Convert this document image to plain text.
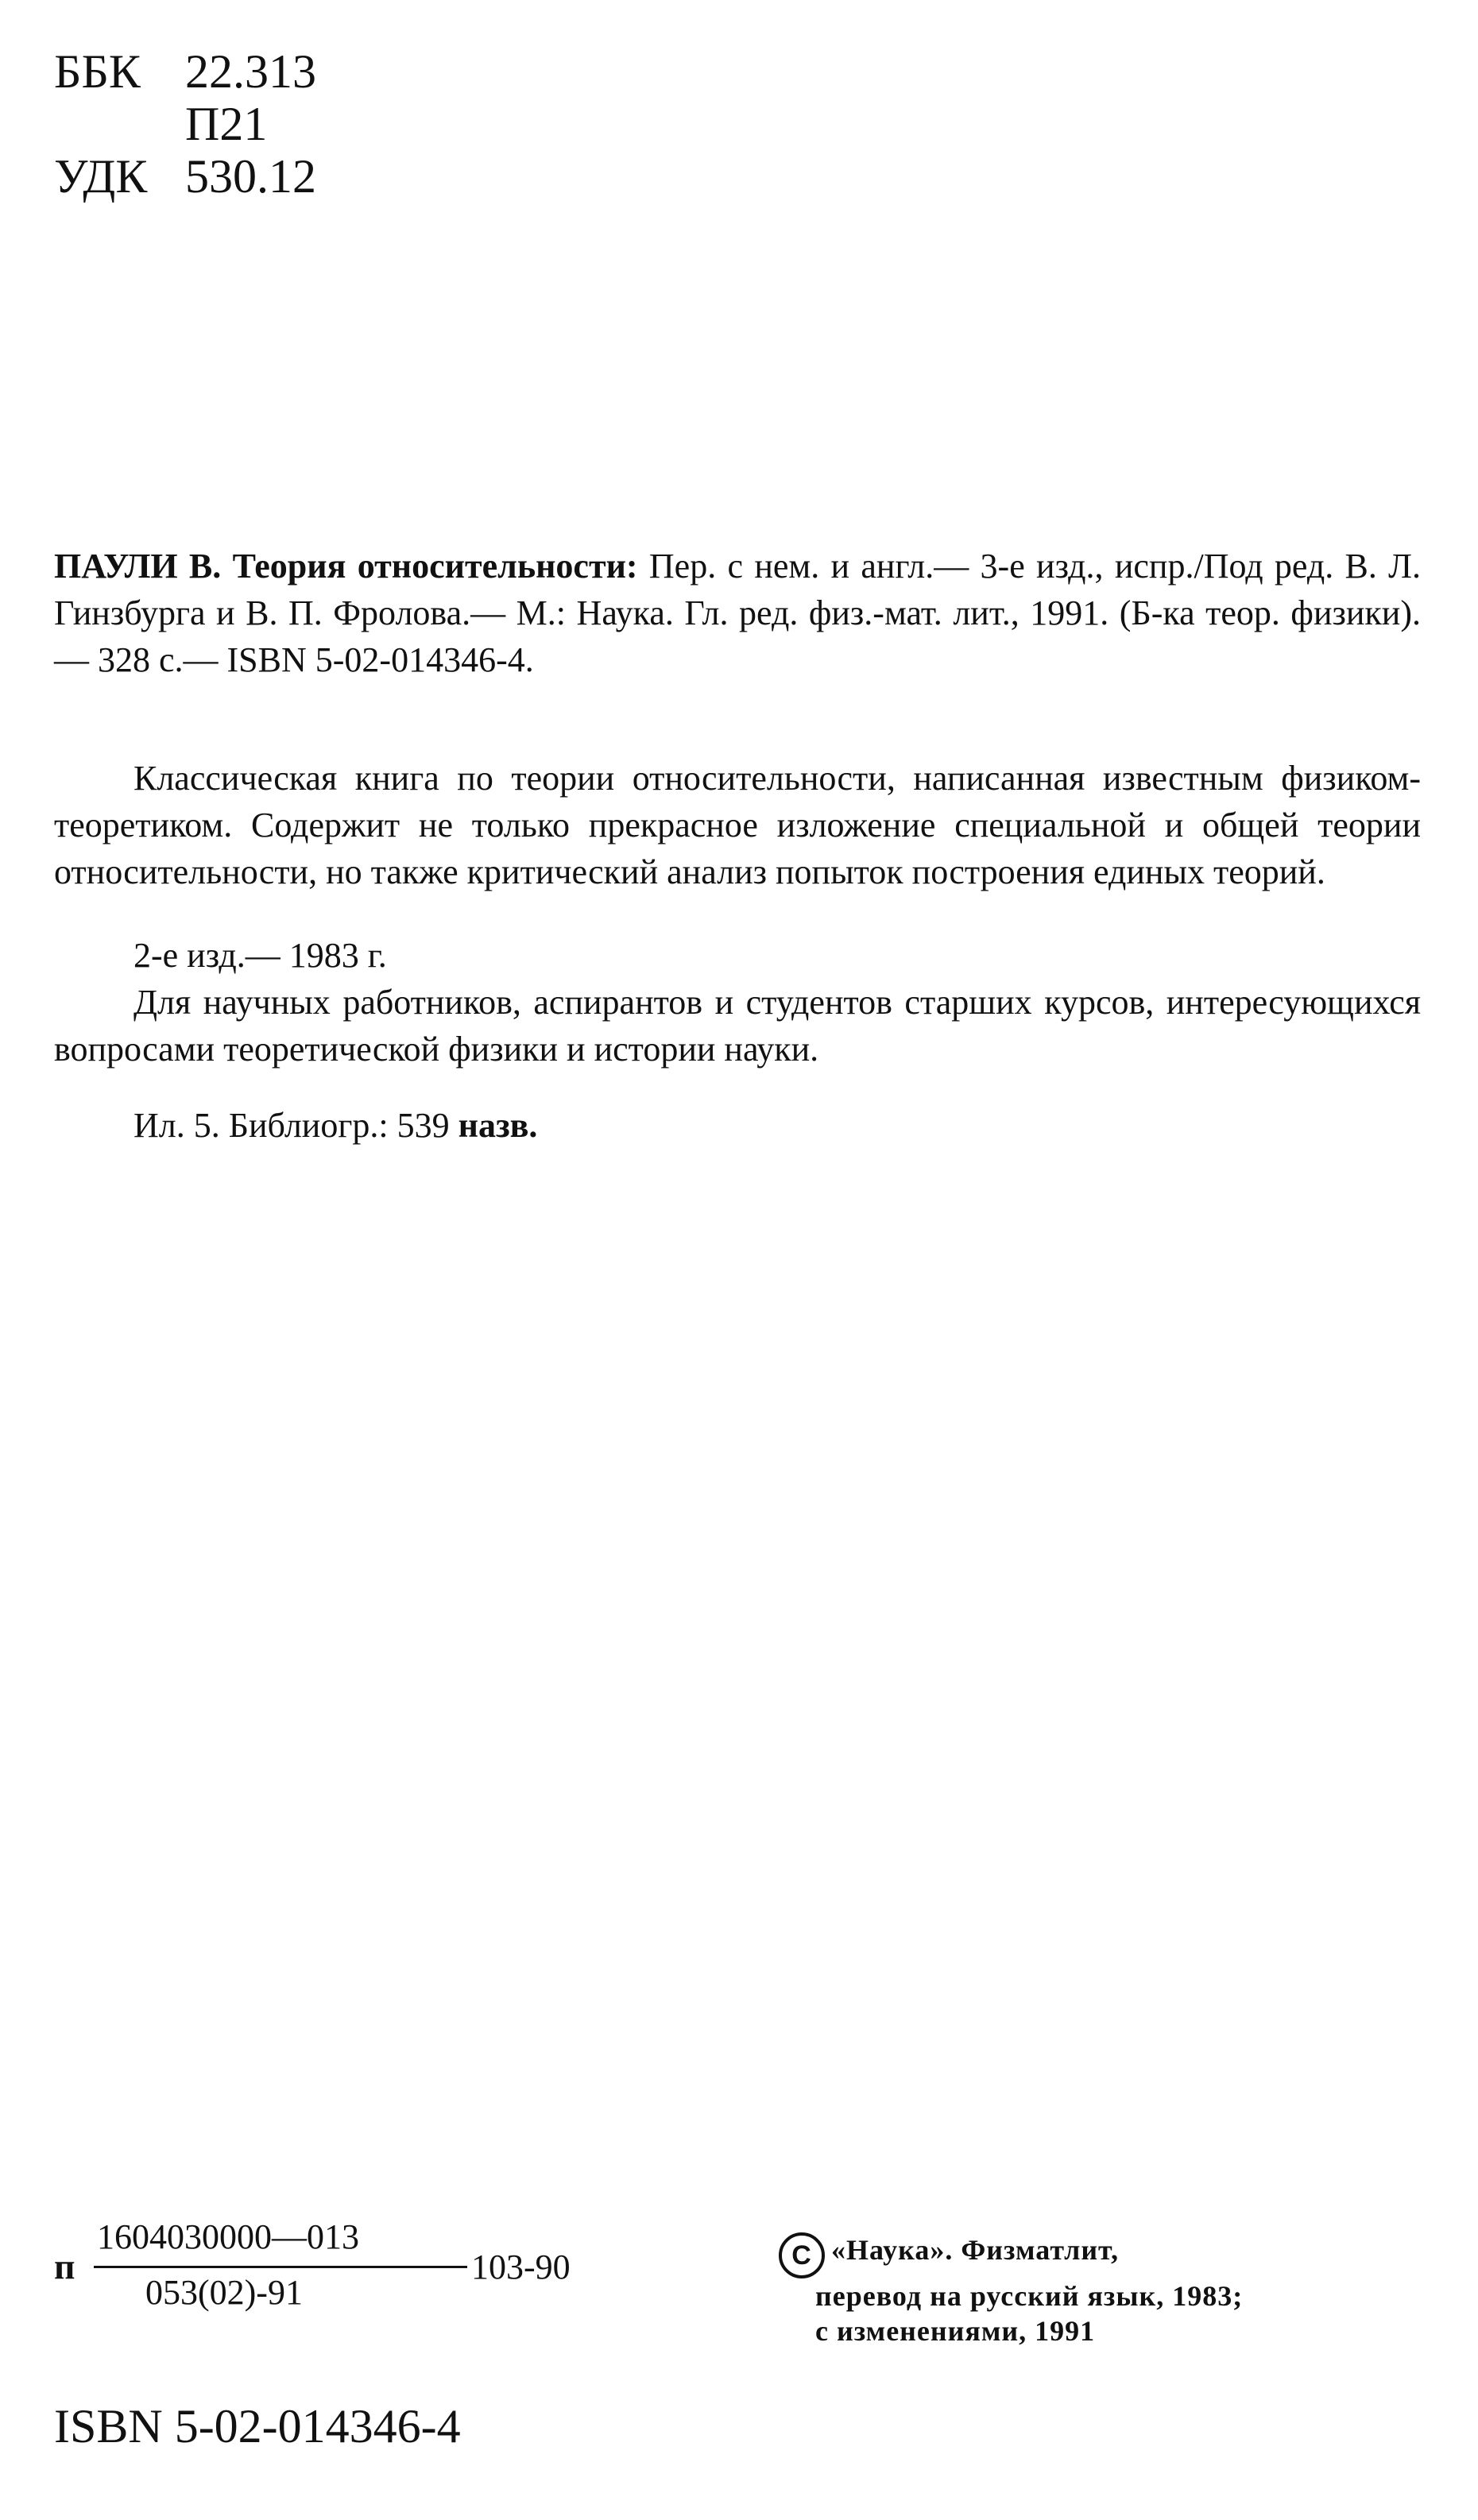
ББК 22.313
П21
УДК 530.12
ПАУЛИ В. Теория относительности: Пер. с нем. и англ.— 3-е изд., испр./Под ред. В. Л. Гинзбурга и В. П. Фролова.— М.: Наука. Гл. ред. физ.-мат. лит., 1991. (Б-ка теор. физики).— 328 с.— ISBN 5-02-014346-4.
Классическая книга по теории относительности, написанная известным физиком-теоретиком. Содержит не только прекрасное изложение специальной и общей теории относительности, но также критический анализ попыток построения единых теорий.
2-е изд.— 1983 г.
Для научных работников, аспирантов и студентов старших курсов, интересующихся вопросами теоретической физики и истории науки.
Ил. 5. Библиогр.: 539 назв.
п
1604030000—013
053(02)-91
103-90	C «Наука». Физматлит,
перевод на русский язык, 1983;
с изменениями, 1991
ISBN 5-02-014346-4
